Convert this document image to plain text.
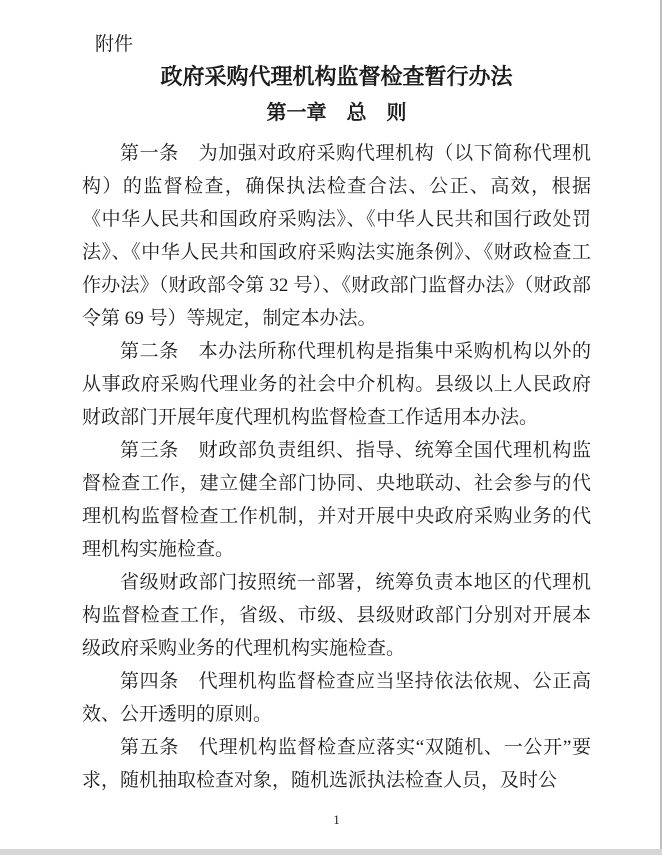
附件
政府采购代理机构监督检查暂行办法
第一章　总　则

第一条　为加强对政府采购代理机构（以下简称代理机构）的监督检查，确保执法检查合法、公正、高效，根据《中华人民共和国政府采购法》、《中华人民共和国行政处罚法》、《中华人民共和国政府采购法实施条例》、《财政检查工作办法》（财政部令第 32 号）、《财政部门监督办法》（财政部令第 69 号）等规定，制定本办法。

第二条　本办法所称代理机构是指集中采购机构以外的从事政府采购代理业务的社会中介机构。县级以上人民政府财政部门开展年度代理机构监督检查工作适用本办法。

第三条　财政部负责组织、指导、统筹全国代理机构监督检查工作，建立健全部门协同、央地联动、社会参与的代理机构监督检查工作机制，并对开展中央政府采购业务的代理机构实施检查。

省级财政部门按照统一部署，统筹负责本地区的代理机构监督检查工作，省级、市级、县级财政部门分别对开展本级政府采购业务的代理机构实施检查。

第四条　代理机构监督检查应当坚持依法依规、公正高效、公开透明的原则。

第五条　代理机构监督检查应落实“双随机、一公开”要求，随机抽取检查对象，随机选派执法检查人员，及时公

1
